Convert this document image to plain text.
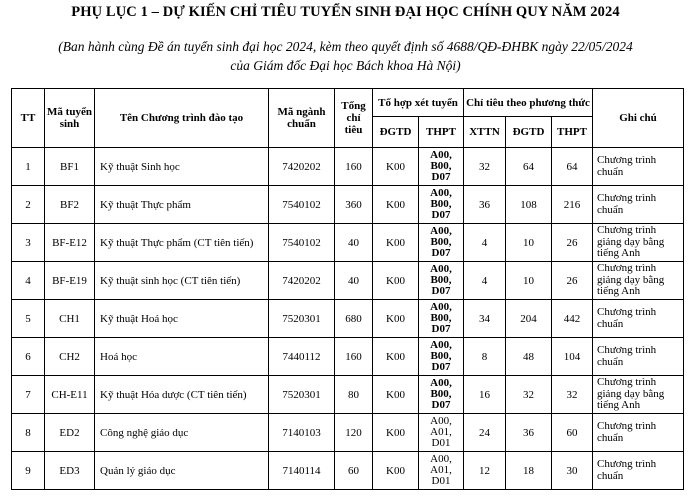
PHỤ LỤC 1 – DỰ KIẾN CHỈ TIÊU TUYỂN SINH ĐẠI HỌC CHÍNH QUY NĂM 2024
(Ban hành cùng Đề án tuyển sinh đại học 2024, kèm theo quyết định số 4688/QĐ-ĐHBK ngày 22/05/2024
của Giám đốc Đại học Bách khoa Hà Nội)
TT	Mã tuyển sinh	Tên Chương trình đào tạo	Mã ngành chuẩn	Tổng chỉ tiêu	Tổ hợp xét tuyển		Chỉ tiêu theo phương thức			Ghi chú
					ĐGTD	THPT	XTTN	ĐGTD	THPT	
1	BF1	Kỹ thuật Sinh học	7420202	160	K00	A00,
B00,
D07	32	64	64	Chương trình
chuẩn

2	BF2	Kỹ thuật Thực phẩm	7540102	360	K00	A00,
B00,
D07	36	108	216	Chương trình
chuẩn

3	BF-E12	Kỹ thuật Thực phẩm (CT tiên tiến)	7540102	40	K00	A00,
B00,
D07	4	10	26	Chương trình
giảng dạy bằng
tiếng Anh

4	BF-E19	Kỹ thuật sinh học (CT tiên tiến)	7420202	40	K00	A00,
B00,
D07	4	10	26	Chương trình
giảng dạy bằng
tiếng Anh

5	CH1	Kỹ thuật Hoá học	7520301	680	K00	A00,
B00,
D07	34	204	442	Chương trình
chuẩn

6	CH2	Hoá học	7440112	160	K00	A00,
B00,
D07	8	48	104	Chương trình
chuẩn

7	CH-E11	Kỹ thuật Hóa dược (CT tiên tiến)	7520301	80	K00	A00,
B00,
D07	16	32	32	Chương trình
giảng dạy bằng
tiếng Anh

8	ED2	Công nghệ giáo dục	7140103	120	K00	A00,
A01,
D01	24	36	60	Chương trình
chuẩn

9	ED3	Quản lý giáo dục	7140114	60	K00	A00,
A01,
D01	12	18	30	Chương trình
chuẩn
